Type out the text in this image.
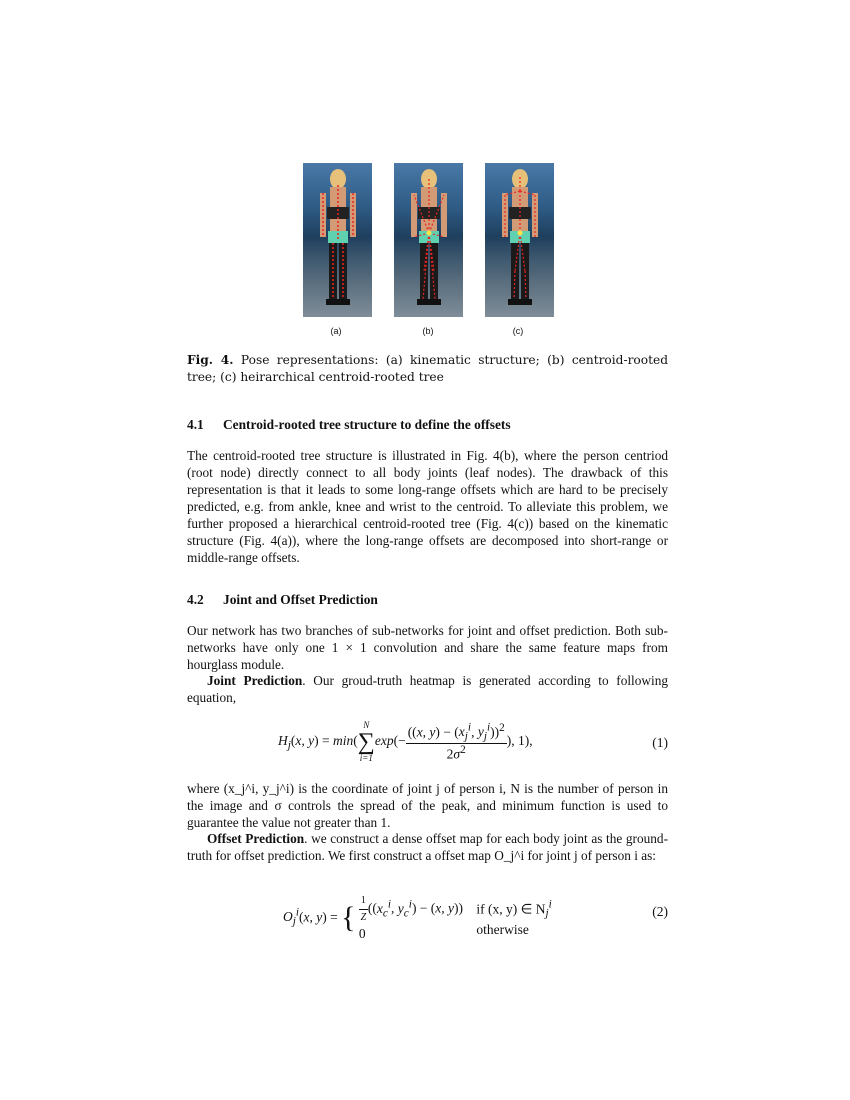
(a)	(b)	(c)
Fig. 4. Pose representations: (a) kinematic structure; (b) centroid-rooted tree; (c) heirarchical centroid-rooted tree
4.1 Centroid-rooted tree structure to define the offsets
The centroid-rooted tree structure is illustrated in Fig. 4(b), where the person centriod (root node) directly connect to all body joints (leaf nodes). The drawback of this representation is that it leads to some long-range offsets which are hard to be precisely predicted, e.g. from ankle, knee and wrist to the centroid. To alleviate this problem, we further proposed a hierarchical centroid-rooted tree (Fig. 4(c)) based on the kinematic structure (Fig. 4(a)), where the long-range offsets are decomposed into short-range or middle-range offsets.
4.2 Joint and Offset Prediction
Our network has two branches of sub-networks for joint and offset prediction. Both sub-networks have only one 1 × 1 convolution and share the same feature maps from hourglass module.
Joint Prediction. Our groud-truth heatmap is generated according to following equation,
$H_j(x$, y) = min(
N
∑
i=1
$\exp(- \frac{((x, y) - (x_j^i, y_j^i))^2}{2\sigma^2}$ ), 1),	(1)
where (x_j^i, y_j^i) is the coordinate of joint j of person i, N is the number of person in the image and σ controls the spread of the peak, and minimum function is used to guarantee the value not greater than 1.
Offset Prediction. we construct a dense offset map for each body joint as the ground-truth for offset prediction. We first construct a offset map O_j^i for joint j of person i as:
$O_j^i(x$, y) = { $\frac{1}{Z} ((x_c^i$, $y_c^i) - (x$, y))
0

if (x, y) ∈ $N_j^i$
otherwise
(2)
